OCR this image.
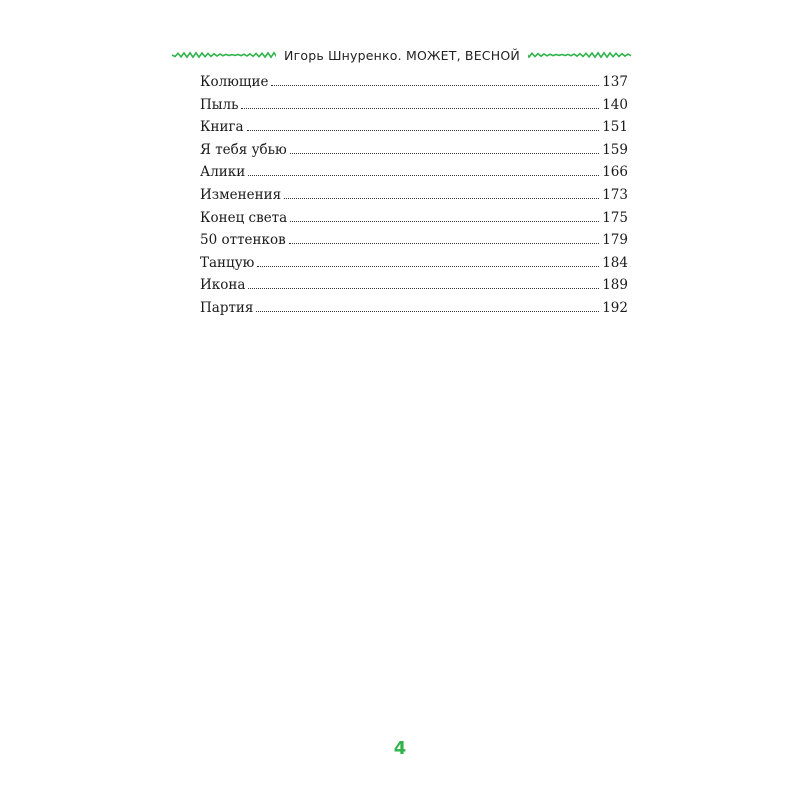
Игорь Шнуренко. МОЖЕТ, ВЕСНОЙ
Колющие	137
Пыль	140
Книга	151
Я тебя убью	159
Алики	166
Изменения	173
Конец света	175
50 оттенков	179
Танцую	184
Икона	189
Партия	192
4
